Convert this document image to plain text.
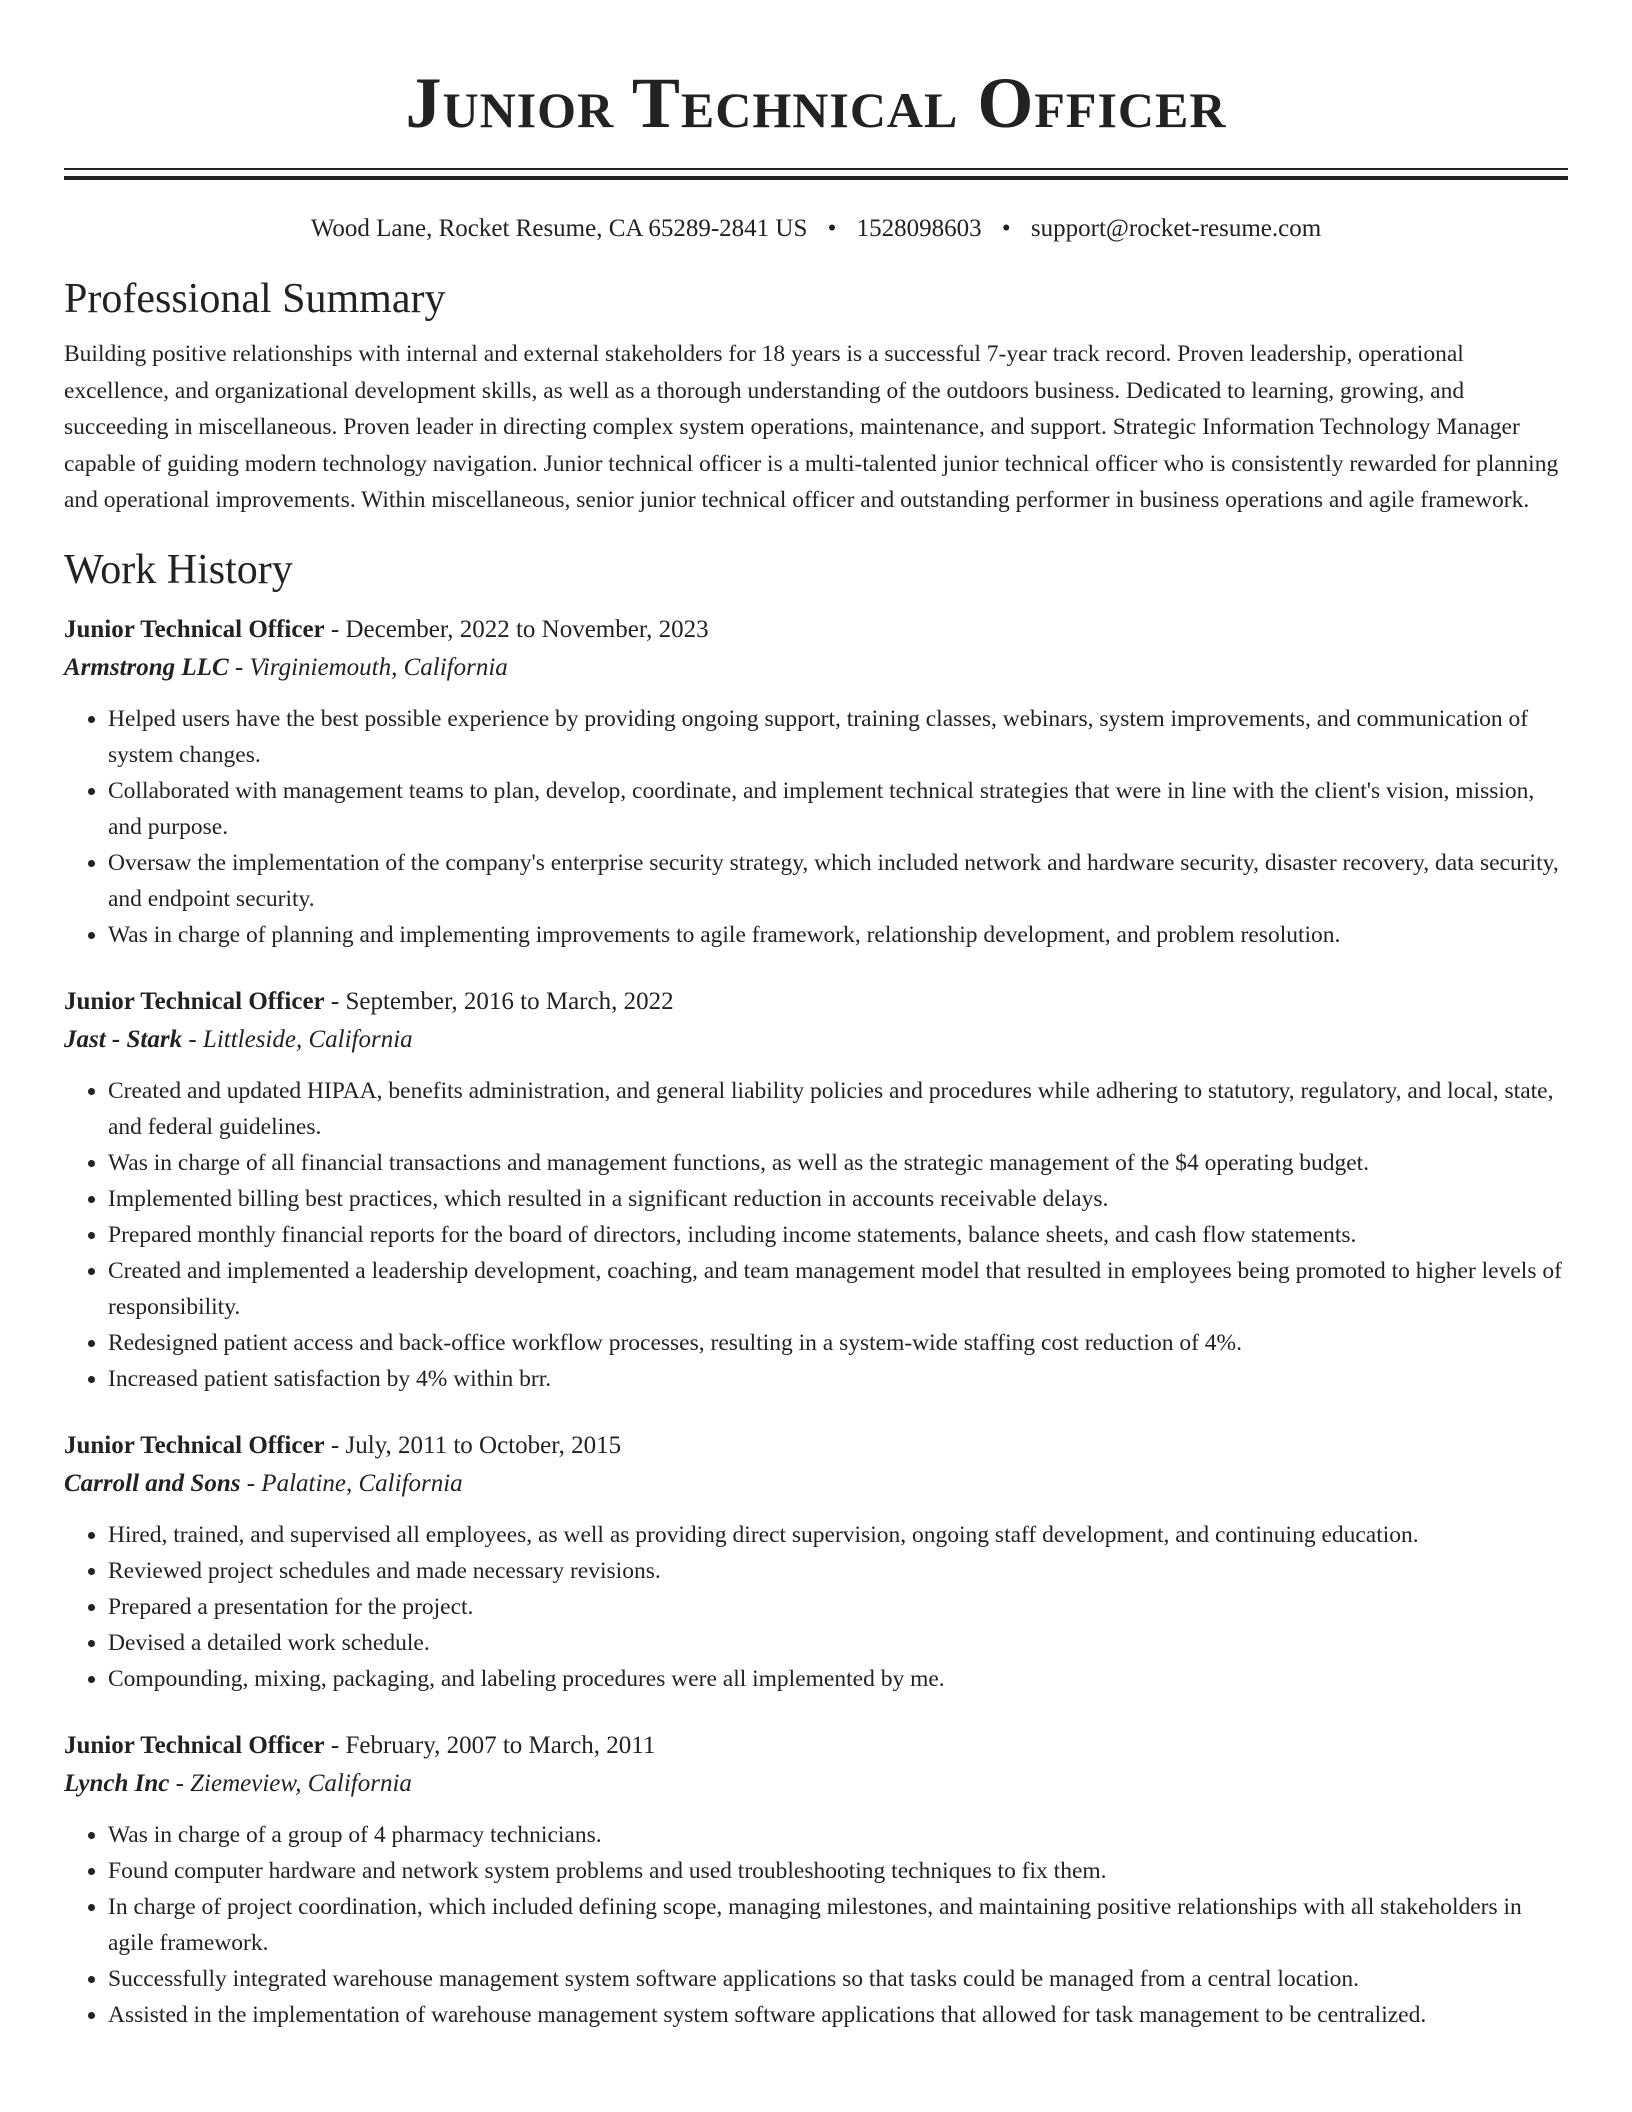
Junior Technical Officer
Wood Lane, Rocket Resume, CA 65289-2841 US • 1528098603 • support@rocket-resume.com
Professional Summary

Building positive relationships with internal and external stakeholders for 18 years is a successful 7-year track record. Proven leadership, operational excellence, and organizational development skills, as well as a thorough understanding of the outdoors business. Dedicated to learning, growing, and succeeding in miscellaneous. Proven leader in directing complex system operations, maintenance, and support. Strategic Information Technology Manager capable of guiding modern technology navigation. Junior technical officer is a multi-talented junior technical officer who is consistently rewarded for planning and operational improvements. Within miscellaneous, senior junior technical officer and outstanding performer in business operations and agile framework.

Work History
Junior Technical Officer - December, 2022 to November, 2023
Armstrong LLC - Virginiemouth, California
• Helped users have the best possible experience by providing ongoing support, training classes, webinars, system improvements, and communication of system changes.
• Collaborated with management teams to plan, develop, coordinate, and implement technical strategies that were in line with the client's vision, mission, and purpose.
• Oversaw the implementation of the company's enterprise security strategy, which included network and hardware security, disaster recovery, data security, and endpoint security.
• Was in charge of planning and implementing improvements to agile framework, relationship development, and problem resolution.
Junior Technical Officer - September, 2016 to March, 2022
Jast - Stark - Littleside, California
• Created and updated HIPAA, benefits administration, and general liability policies and procedures while adhering to statutory, regulatory, and local, state, and federal guidelines.
• Was in charge of all financial transactions and management functions, as well as the strategic management of the $4 operating budget.
• Implemented billing best practices, which resulted in a significant reduction in accounts receivable delays.
• Prepared monthly financial reports for the board of directors, including income statements, balance sheets, and cash flow statements.
• Created and implemented a leadership development, coaching, and team management model that resulted in employees being promoted to higher levels of responsibility.
• Redesigned patient access and back-office workflow processes, resulting in a system-wide staffing cost reduction of 4%.
• Increased patient satisfaction by 4% within brr.
Junior Technical Officer - July, 2011 to October, 2015
Carroll and Sons - Palatine, California
• Hired, trained, and supervised all employees, as well as providing direct supervision, ongoing staff development, and continuing education.
• Reviewed project schedules and made necessary revisions.
• Prepared a presentation for the project.
• Devised a detailed work schedule.
• Compounding, mixing, packaging, and labeling procedures were all implemented by me.
Junior Technical Officer - February, 2007 to March, 2011
Lynch Inc - Ziemeview, California
• Was in charge of a group of 4 pharmacy technicians.
• Found computer hardware and network system problems and used troubleshooting techniques to fix them.
• In charge of project coordination, which included defining scope, managing milestones, and maintaining positive relationships with all stakeholders in agile framework.
• Successfully integrated warehouse management system software applications so that tasks could be managed from a central location.
• Assisted in the implementation of warehouse management system software applications that allowed for task management to be centralized.
